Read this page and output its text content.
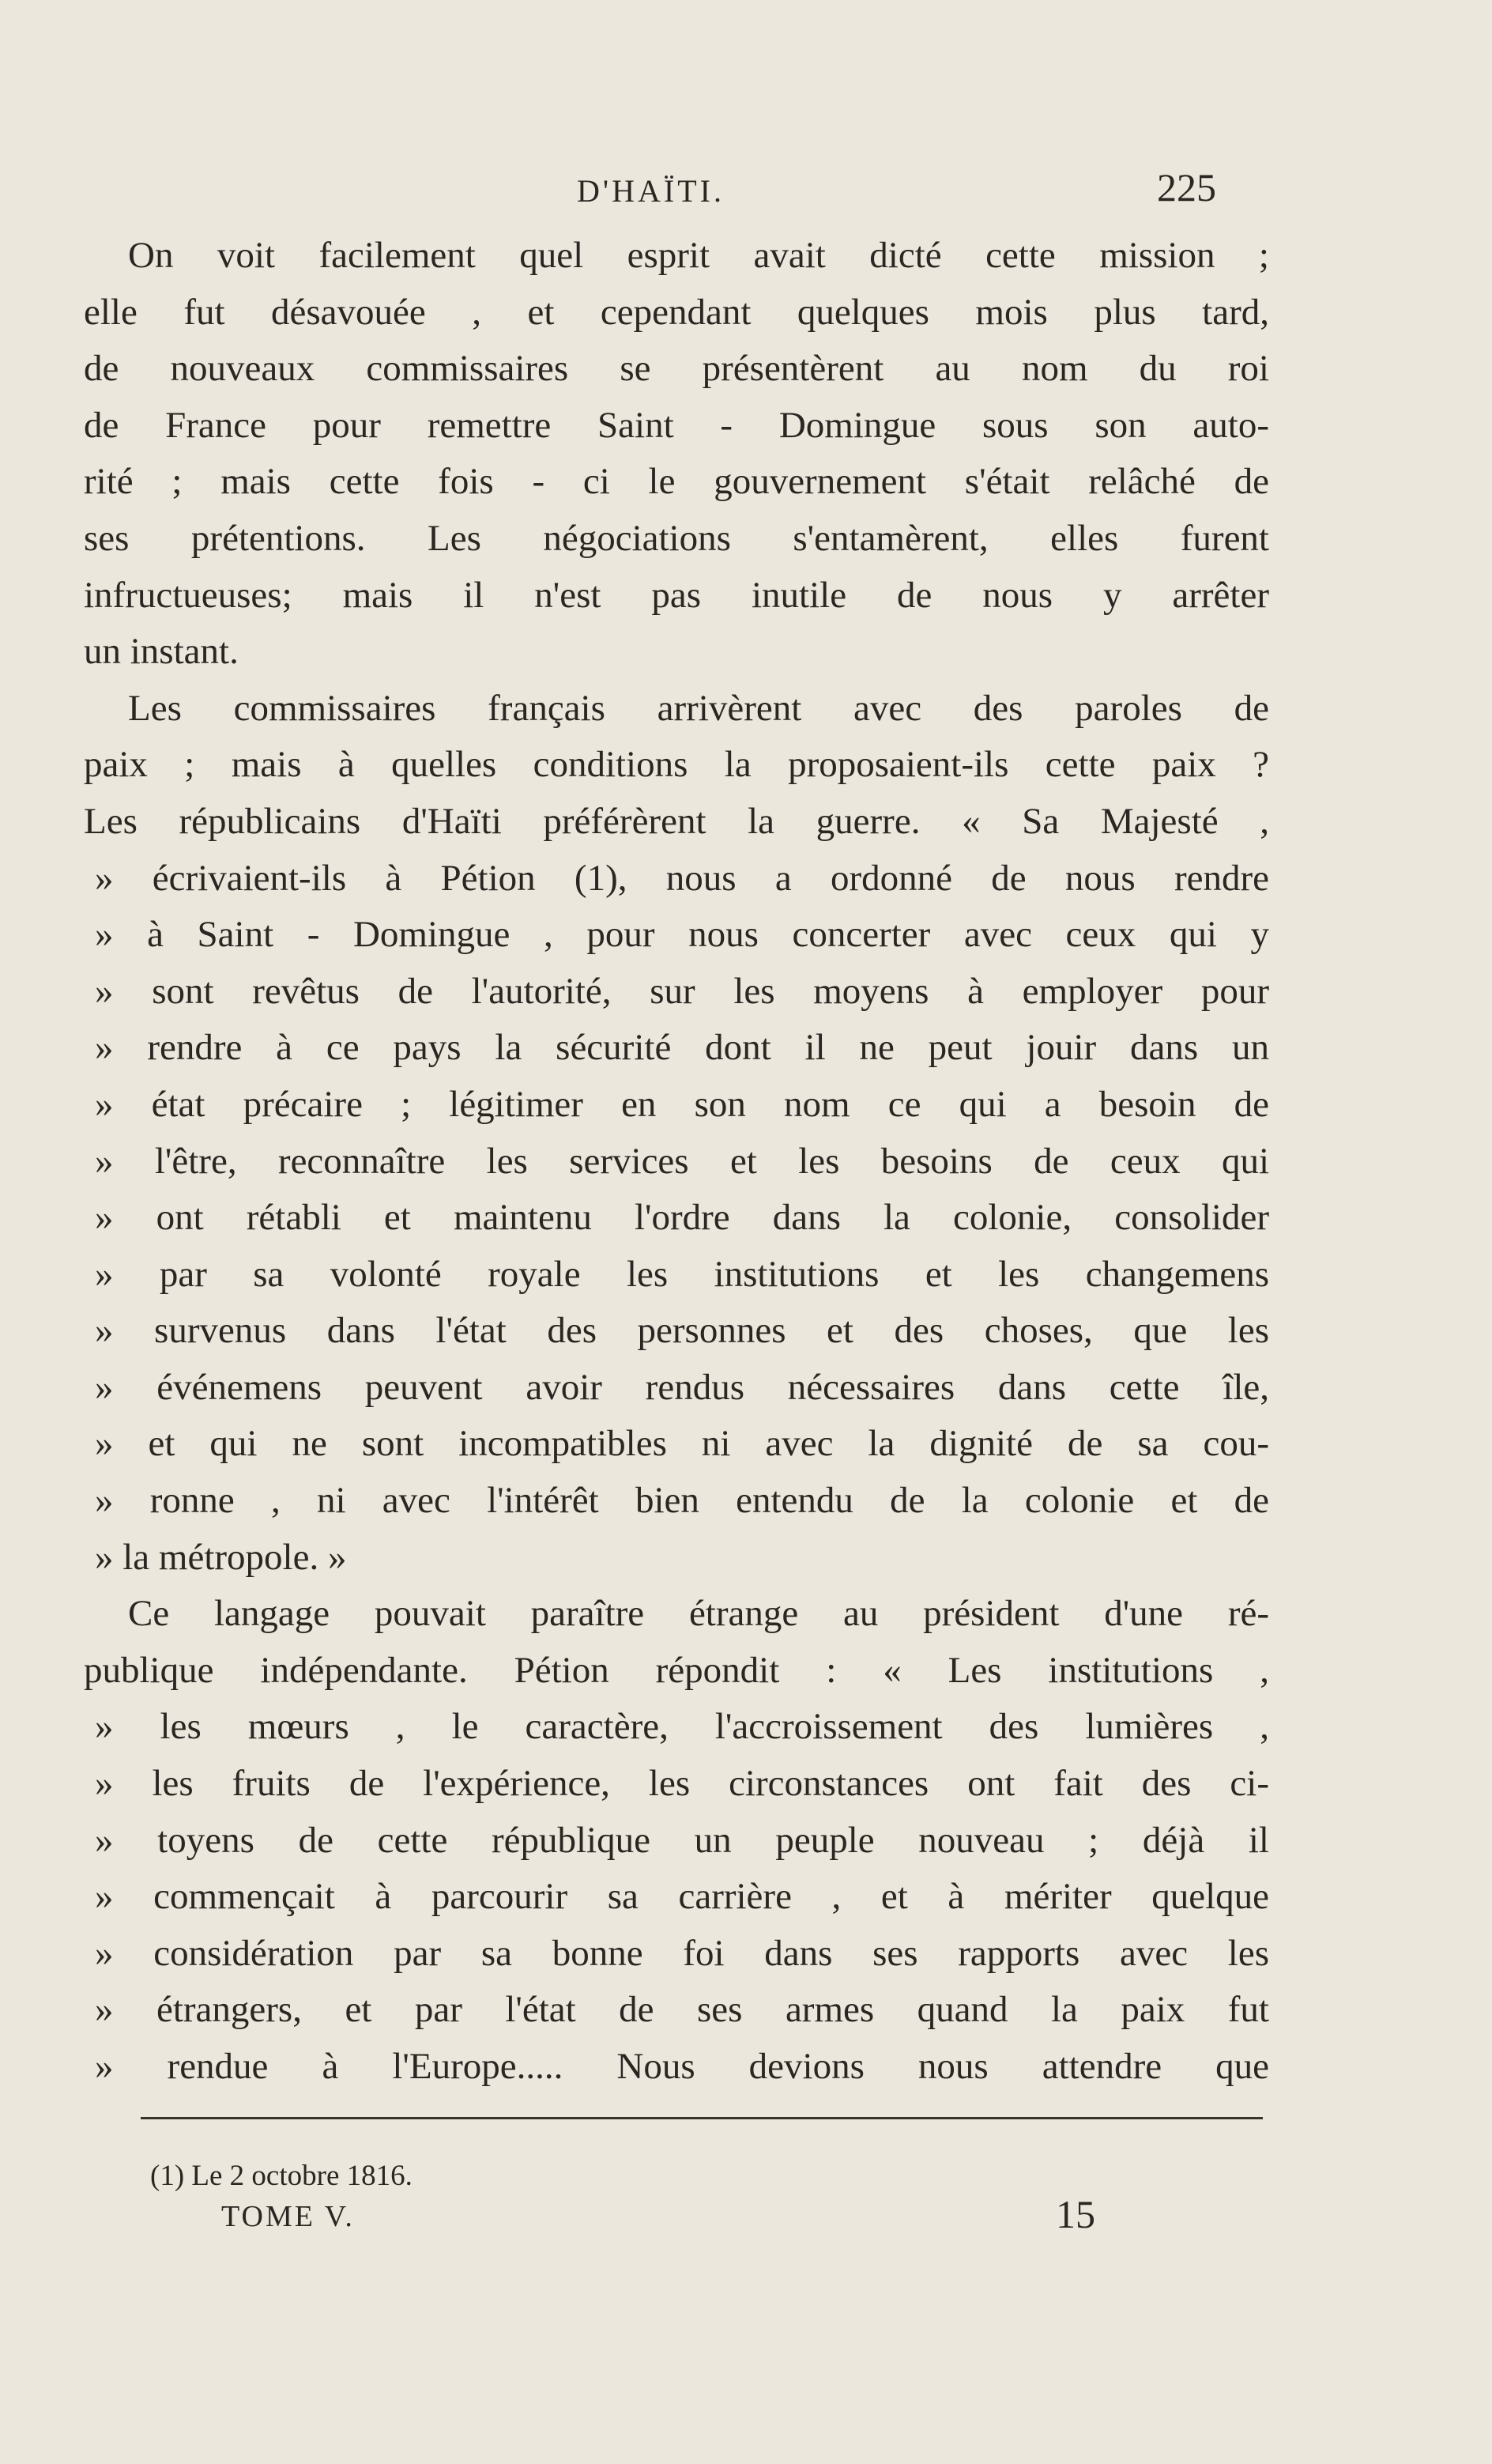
D'HAÏTI.	225
On voit facilement quel esprit avait dicté cette mission ;
elle fut désavouée , et cependant quelques mois plus tard,
de nouveaux commissaires se présentèrent au nom du roi
de France pour remettre Saint - Domingue sous son auto-
rité ; mais cette fois - ci le gouvernement s'était relâché de
ses prétentions. Les négociations s'entamèrent, elles furent
infructueuses; mais il n'est pas inutile de nous y arrêter
un instant.
Les commissaires français arrivèrent avec des paroles de
paix ; mais à quelles conditions la proposaient-ils cette paix ?
Les républicains d'Haïti préférèrent la guerre. « Sa Majesté ,
» écrivaient-ils à Pétion (1), nous a ordonné de nous rendre
» à Saint - Domingue , pour nous concerter avec ceux qui y
» sont revêtus de l'autorité, sur les moyens à employer pour
» rendre à ce pays la sécurité dont il ne peut jouir dans un
» état précaire ; légitimer en son nom ce qui a besoin de
» l'être, reconnaître les services et les besoins de ceux qui
» ont rétabli et maintenu l'ordre dans la colonie, consolider
» par sa volonté royale les institutions et les changemens
» survenus dans l'état des personnes et des choses, que les
» événemens peuvent avoir rendus nécessaires dans cette île,
» et qui ne sont incompatibles ni avec la dignité de sa cou-
» ronne , ni avec l'intérêt bien entendu de la colonie et de
» la métropole. »
Ce langage pouvait paraître étrange au président d'une ré-
publique indépendante. Pétion répondit : « Les institutions ,
» les mœurs , le caractère, l'accroissement des lumières ,
» les fruits de l'expérience, les circonstances ont fait des ci-
» toyens de cette république un peuple nouveau ; déjà il
» commençait à parcourir sa carrière , et à mériter quelque
» considération par sa bonne foi dans ses rapports avec les
» étrangers, et par l'état de ses armes quand la paix fut
» rendue à l'Europe..... Nous devions nous attendre que
(1) Le 2 octobre 1816.
TOME V.	15
